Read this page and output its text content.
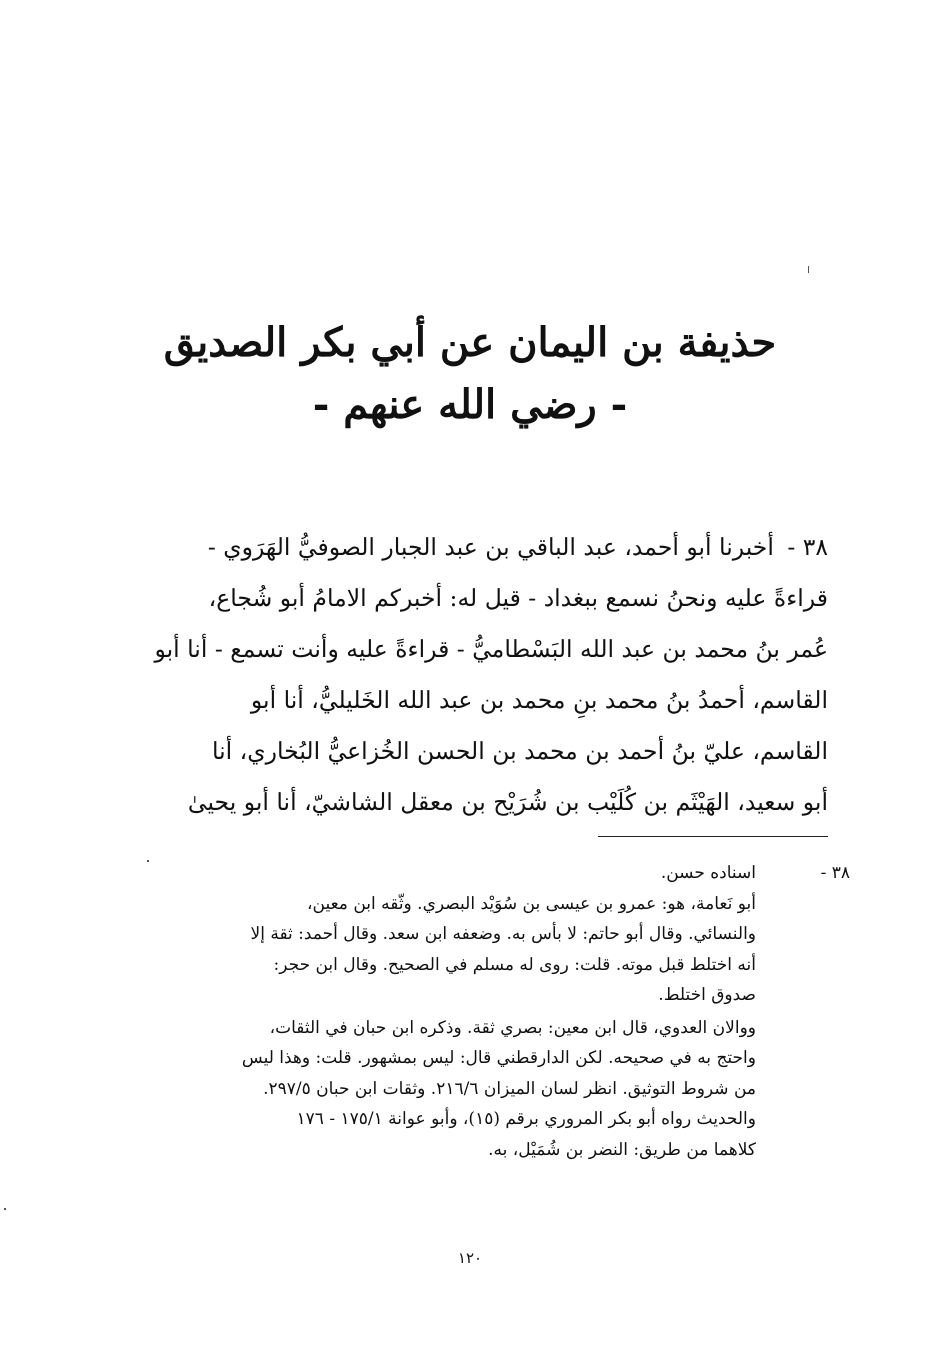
حذيفة بن اليمان عن أبي بكر الصديق
- رضي الله عنهم -
٣٨ - أخبرنا أبو أحمد، عبد الباقي بن عبد الجبار الصوفيُّ الهَرَوي -
قراءةً عليه ونحنُ نسمع ببغداد - قيل له: أخبركم الامامُ أبو شُجاع،
عُمر بنُ محمد بن عبد الله البَسْطاميُّ - قراءةً عليه وأنت تسمع - أنا أبو
القاسم، أحمدُ بنُ محمد بنِ محمد بن عبد الله الخَليليُّ، أنا أبو
القاسم، عليّ بنُ أحمد بن محمد بن الحسن الخُزاعيُّ البُخاري، أنا
أبو سعيد، الهَيْثَم بن كُلَيْب بن شُرَيْح بن معقل الشاشيّ، أنا أبو يحيىٰ
٣٨ -
اسناده حسن.
أبو نَعامة، هو: عمرو بن عيسى بن سُوَيْد البصري. وثّقه ابن معين،
والنسائي. وقال أبو حاتم: لا بأس به. وضعفه ابن سعد. وقال أحمد: ثقة إلا
أنه اختلط قبل موته. قلت: روى له مسلم في الصحيح. وقال ابن حجر:
صدوق اختلط.
ووالان العدوي، قال ابن معين: بصري ثقة. وذكره ابن حبان في الثقات،
واحتج به في صحيحه. لكن الدارقطني قال: ليس بمشهور. قلت: وهذا ليس
من شروط التوثيق. انظر لسان الميزان ٢١٦/٦. وثقات ابن حبان ٢٩٧/٥.
والحديث رواه أبو بكر المروري برقم (١٥)، وأبو عوانة ١٧٥/١ - ١٧٦
كلاهما من طريق: النضر بن شُمَيْل، به.
١٢٠
